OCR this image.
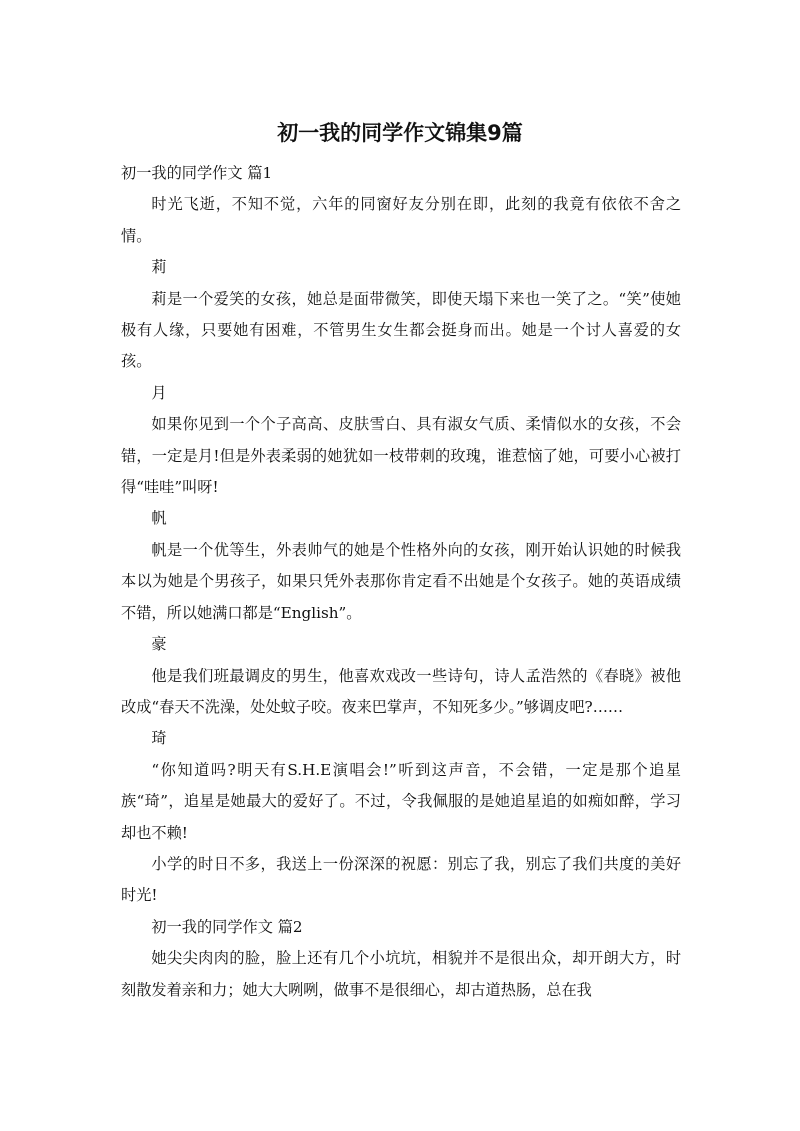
初一我的同学作文锦集9篇

初一我的同学作文 篇1

时光飞逝，不知不觉，六年的同窗好友分别在即，此刻的我竟有依依不舍之情。

莉

莉是一个爱笑的女孩，她总是面带微笑，即使天塌下来也一笑了之。“笑”使她极有人缘，只要她有困难，不管男生女生都会挺身而出。她是一个讨人喜爱的女孩。

月

如果你见到一个个子高高、皮肤雪白、具有淑女气质、柔情似水的女孩，不会错，一定是月!但是外表柔弱的她犹如一枝带刺的玫瑰，谁惹恼了她，可要小心被打得“哇哇”叫呀!

帆

帆是一个优等生，外表帅气的她是个性格外向的女孩，刚开始认识她的时候我本以为她是个男孩子，如果只凭外表那你肯定看不出她是个女孩子。她的英语成绩不错，所以她满口都是“English”。

豪

他是我们班最调皮的男生，他喜欢戏改一些诗句，诗人孟浩然的《春晓》被他改成“春天不洗澡，处处蚊子咬。夜来巴掌声，不知死多少。”够调皮吧?……

琦

“你知道吗?明天有S.H.E演唱会!”听到这声音，不会错，一定是那个追星族“琦”，追星是她最大的爱好了。不过，令我佩服的是她追星追的如痴如醉，学习却也不赖!

小学的时日不多，我送上一份深深的祝愿：别忘了我，别忘了我们共度的美好时光!

初一我的同学作文 篇2

她尖尖肉肉的脸，脸上还有几个小坑坑，相貌并不是很出众，却开朗大方，时刻散发着亲和力；她大大咧咧，做事不是很细心，却古道热肠，总在我
